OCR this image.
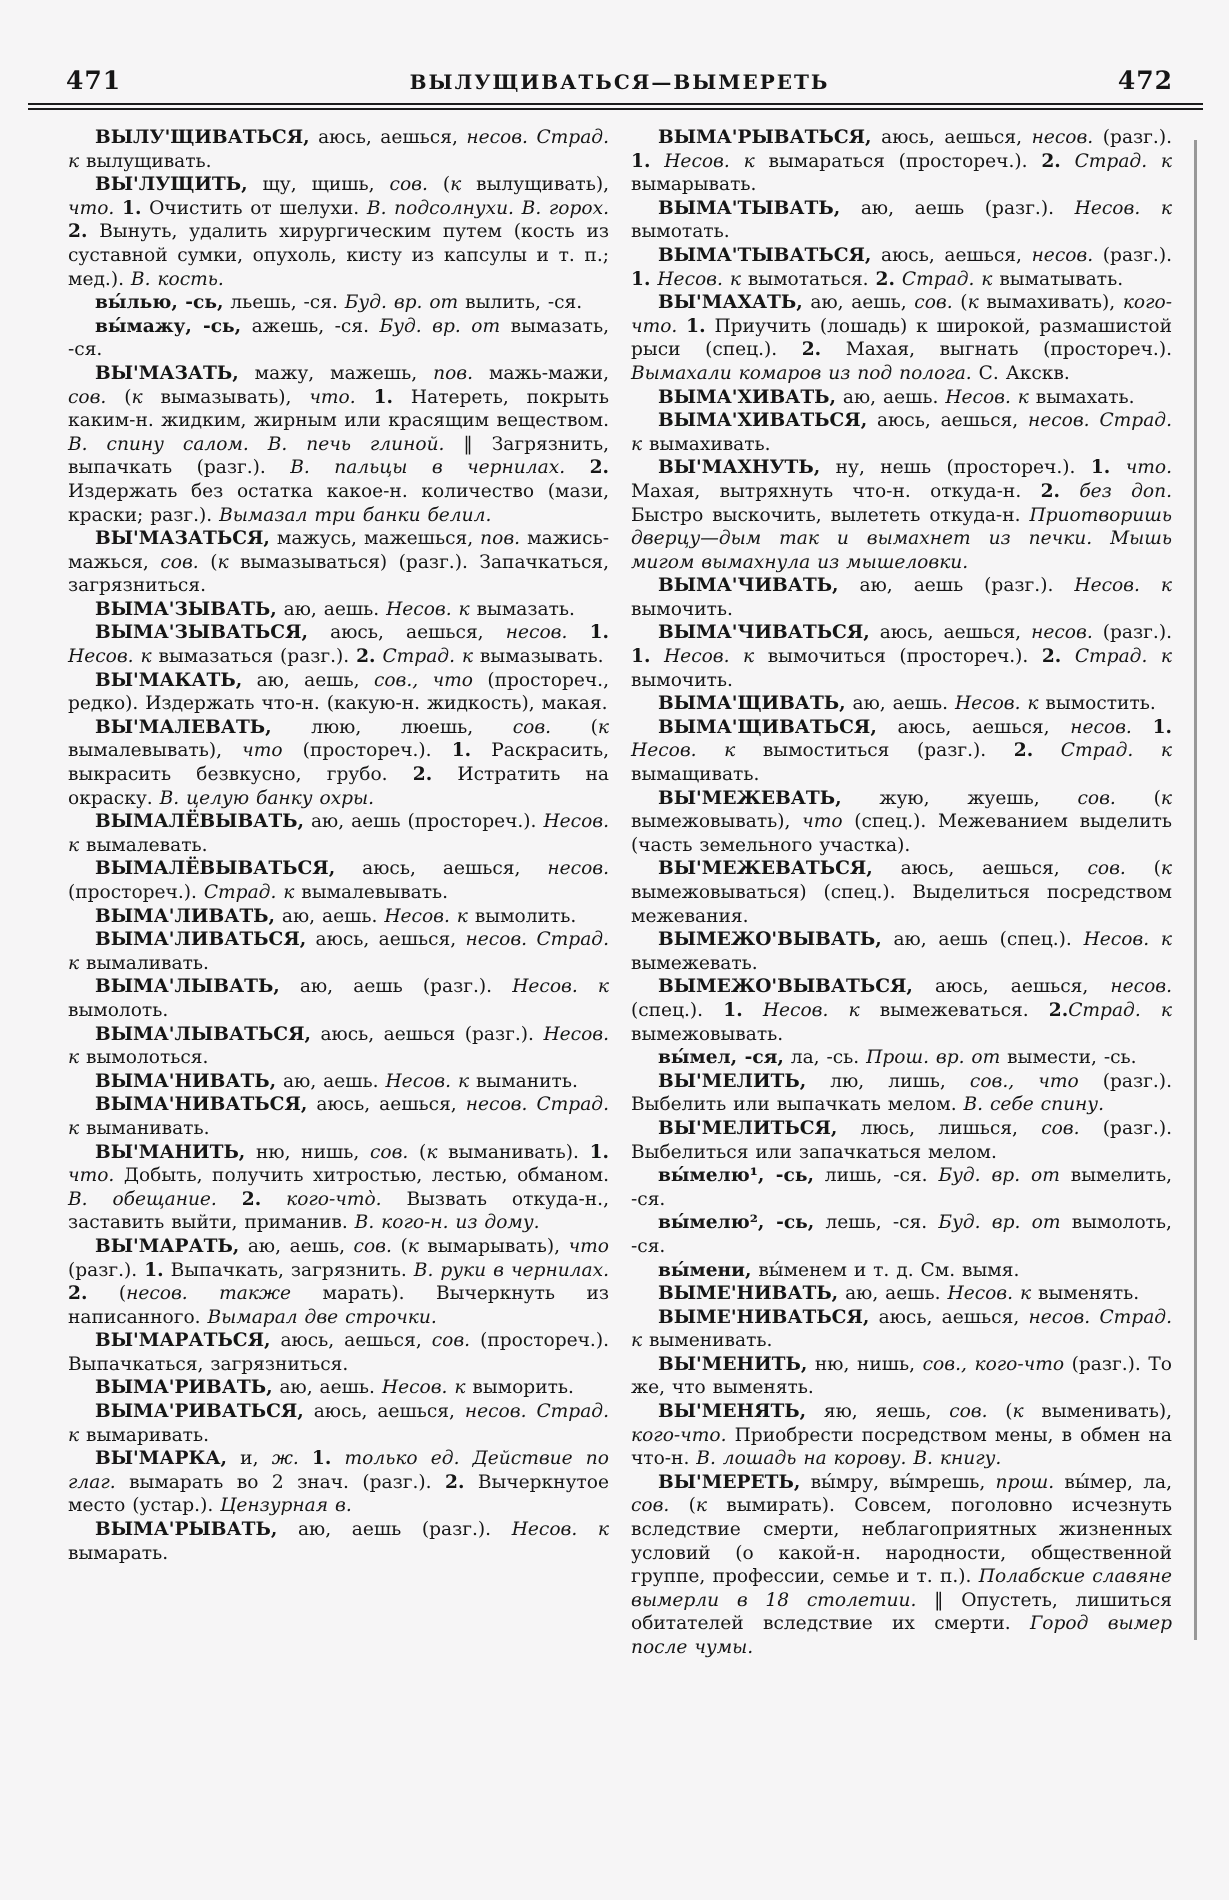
471	ВЫЛУЩИВАТЬСЯ—ВЫМЕРЕТЬ	472

ВЫЛУ'ЩИВАТЬСЯ, аюсь, аешься, несов. Страд. к вылущивать.

ВЫ'ЛУЩИТЬ, щу, щишь, сов. (к вылущивать), что. 1. Очистить от шелухи. В. подсолнухи. В. горох. 2. Вынуть, удалить хирургическим путем (кость из суставной сумки, опухоль, кисту из капсулы и т. п.; мед.). В. кость.

вы́лью, -сь, льешь, -ся. Буд. вр. от вылить, -ся.

вы́мажу, -сь, ажешь, -ся. Буд. вр. от вымазать, -ся.

ВЫ'МАЗАТЬ, мажу, мажешь, пов. мажь-мажи, сов. (к вымазывать), что. 1. Натереть, покрыть каким-н. жидким, жирным или красящим веществом. В. спину салом. В. печь глиной. ‖ Загрязнить, выпачкать (разг.). В. пальцы в чернилах. 2. Издержать без остатка какое-н. количество (мази, краски; разг.). Вымазал три банки белил.

ВЫ'МАЗАТЬСЯ, мажусь, мажешься, пов. мажись-мажься, сов. (к вымазываться) (разг.). Запачкаться, загрязниться.

ВЫМА'ЗЫВАТЬ, аю, аешь. Несов. к вымазать.

ВЫМА'ЗЫВАТЬСЯ, аюсь, аешься, несов. 1. Несов. к вымазаться (разг.). 2. Страд. к вымазывать.

ВЫ'МАКАТЬ, аю, аешь, сов., что (простореч., редко). Издержать что-н. (какую-н. жидкость), макая.

ВЫ'МАЛЕВАТЬ, люю, люешь, сов. (к вымалевывать), что (простореч.). 1. Раскрасить, выкрасить безвкусно, грубо. 2. Истратить на окраску. В. целую банку охры.

ВЫМАЛЁВЫВАТЬ, аю, аешь (простореч.). Несов. к вымалевать.

ВЫМАЛЁВЫВАТЬСЯ, аюсь, аешься, несов. (простореч.). Страд. к вымалевывать.

ВЫМА'ЛИВАТЬ, аю, аешь. Несов. к вымолить.

ВЫМА'ЛИВАТЬСЯ, аюсь, аешься, несов. Страд. к вымаливать.

ВЫМА'ЛЫВАТЬ, аю, аешь (разг.). Несов. к вымолоть.

ВЫМА'ЛЫВАТЬСЯ, аюсь, аешься (разг.). Несов. к вымолоться.

ВЫМА'НИВАТЬ, аю, аешь. Несов. к выманить.

ВЫМА'НИВАТЬСЯ, аюсь, аешься, несов. Страд. к выманивать.

ВЫ'МАНИТЬ, ню, нишь, сов. (к выманивать). 1. что. Добыть, получить хитростью, лестью, обманом. В. обещание. 2. кого-что̀. Вызвать откуда-н., заставить выйти, приманив. В. кого-н. из дому.

ВЫ'МАРАТЬ, аю, аешь, сов. (к вымарывать), что (разг.). 1. Выпачкать, загрязнить. В. руки в чернилах. 2. (несов. также марать). Вычеркнуть из написанного. Вымарал две строчки.

ВЫ'МАРАТЬСЯ, аюсь, аешься, сов. (простореч.). Выпачкаться, загрязниться.

ВЫМА'РИВАТЬ, аю, аешь. Несов. к выморить.

ВЫМА'РИВАТЬСЯ, аюсь, аешься, несов. Страд. к вымаривать.

ВЫ'МАРКА, и, ж. 1. только ед. Действие по глаг. вымарать во 2 знач. (разг.). 2. Вычеркнутое место (устар.). Цензурная в.

ВЫМА'РЫВАТЬ, аю, аешь (разг.). Несов. к вымарать.

ВЫМА'РЫВАТЬСЯ, аюсь, аешься, несов. (разг.). 1. Несов. к вымараться (простореч.). 2. Страд. к вымарывать.

ВЫМА'ТЫВАТЬ, аю, аешь (разг.). Несов. к вымотать.

ВЫМА'ТЫВАТЬСЯ, аюсь, аешься, несов. (разг.). 1. Несов. к вымотаться. 2. Страд. к выматывать.

ВЫ'МАХАТЬ, аю, аешь, сов. (к вымахивать), кого-что. 1. Приучить (лошадь) к широкой, размашистой рыси (спец.). 2. Махая, выгнать (простореч.). Вымахали комаров из под полога. С. Акскв.

ВЫМА'ХИВАТЬ, аю, аешь. Несов. к вымахать.

ВЫМА'ХИВАТЬСЯ, аюсь, аешься, несов. Страд. к вымахивать.

ВЫ'МАХНУТЬ, ну, нешь (простореч.). 1. что. Махая, вытряхнуть что-н. откуда-н. 2. без доп. Быстро выскочить, вылететь откуда-н. Приотворишь дверцу—дым так и вымахнет из печки. Мышь мигом вымахнула из мышеловки.

ВЫМА'ЧИВАТЬ, аю, аешь (разг.). Несов. к вымочить.

ВЫМА'ЧИВАТЬСЯ, аюсь, аешься, несов. (разг.). 1. Несов. к вымочиться (простореч.). 2. Страд. к вымочить.

ВЫМА'ЩИВАТЬ, аю, аешь. Несов. к вымостить.

ВЫМА'ЩИВАТЬСЯ, аюсь, аешься, несов. 1. Несов. к вымоститься (разг.). 2. Страд. к вымащивать.

ВЫ'МЕЖЕВАТЬ, жую, жуешь, сов. (к вымежовывать), что (спец.). Межеванием выделить (часть земельного участка).

ВЫ'МЕЖЕВАТЬСЯ, аюсь, аешься, сов. (к вымежовываться) (спец.). Выделиться посредством межевания.

ВЫМЕЖО'ВЫВАТЬ, аю, аешь (спец.). Несов. к вымежевать.

ВЫМЕЖО'ВЫВАТЬСЯ, аюсь, аешься, несов. (спец.). 1. Несов. к вымежеваться. 2.Страд. к вымежовывать.

вы́мел, -ся, ла, -сь. Прош. вр. от вымести, -сь.

ВЫ'МЕЛИТЬ, лю, лишь, сов., что (разг.). Выбелить или выпачкать мелом. В. себе спину.

ВЫ'МЕЛИТЬСЯ, люсь, лишься, сов. (разг.). Выбелиться или запачкаться мелом.

вы́мелю¹, -сь, лишь, -ся. Буд. вр. от вымелить, -ся.

вы́мелю², -сь, лешь, -ся. Буд. вр. от вымолоть, -ся.

вы́мени, вы́менем и т. д. См. вымя.

ВЫМЕ'НИВАТЬ, аю, аешь. Несов. к выменять.

ВЫМЕ'НИВАТЬСЯ, аюсь, аешься, несов. Страд. к выменивать.

ВЫ'МЕНИТЬ, ню, нишь, сов., кого-что (разг.). То же, что выменять.

ВЫ'МЕНЯТЬ, яю, яешь, сов. (к выменивать), кого-что. Приобрести посредством мены, в обмен на что-н. В. лошадь на корову. В. книгу.

ВЫ'МЕРЕТЬ, вы́мру, вы́мрешь, прош. вы́мер, ла, сов. (к вымирать). Совсем, поголовно исчезнуть вследствие смерти, неблагоприятных жизненных условий (о какой-н. народности, общественной группе, профессии, семье и т. п.). Полабские славяне вымерли в 18 столетии. ‖ Опустеть, лишиться обитателей вследствие их смерти. Город вымер после чумы.
